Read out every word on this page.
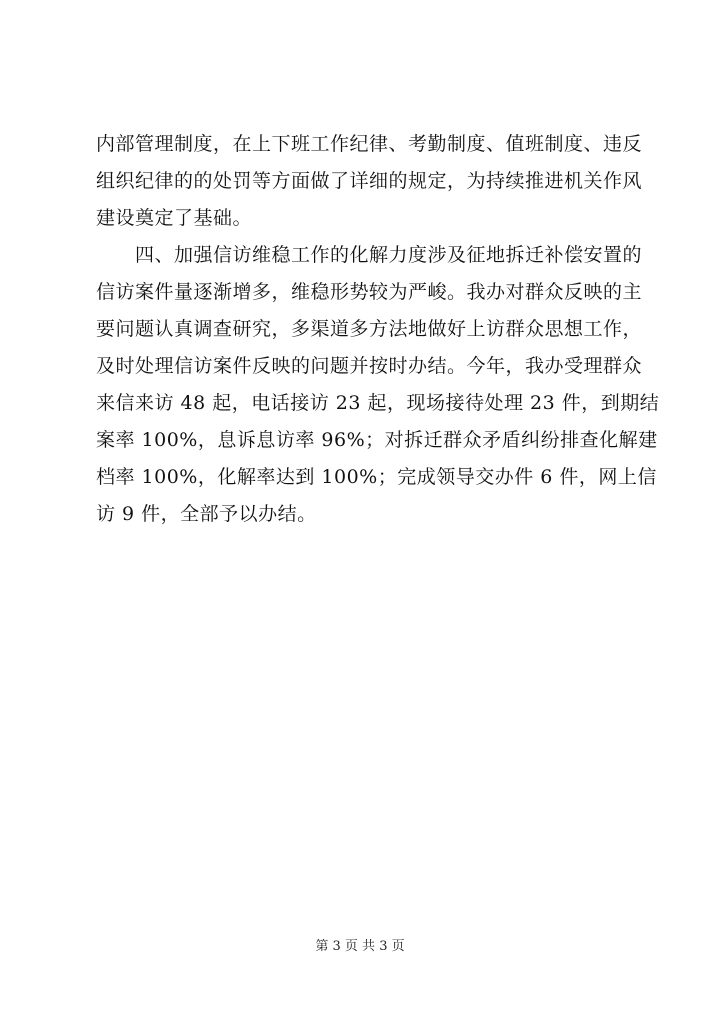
内部管理制度，在上下班工作纪律、考勤制度、值班制度、违反
组织纪律的的处罚等方面做了详细的规定，为持续推进机关作风
建设奠定了基础。
　　四、加强信访维稳工作的化解力度涉及征地拆迁补偿安置的
信访案件量逐渐增多，维稳形势较为严峻。我办对群众反映的主
要问题认真调查研究，多渠道多方法地做好上访群众思想工作，
及时处理信访案件反映的问题并按时办结。今年，我办受理群众
来信来访 48 起，电话接访 23 起，现场接待处理 23 件，到期结
案率 100%，息诉息访率 96%；对拆迁群众矛盾纠纷排查化解建
档率 100%，化解率达到 100%；完成领导交办件 6 件，网上信
访 9 件，全部予以办结。
第 3 页 共 3 页
